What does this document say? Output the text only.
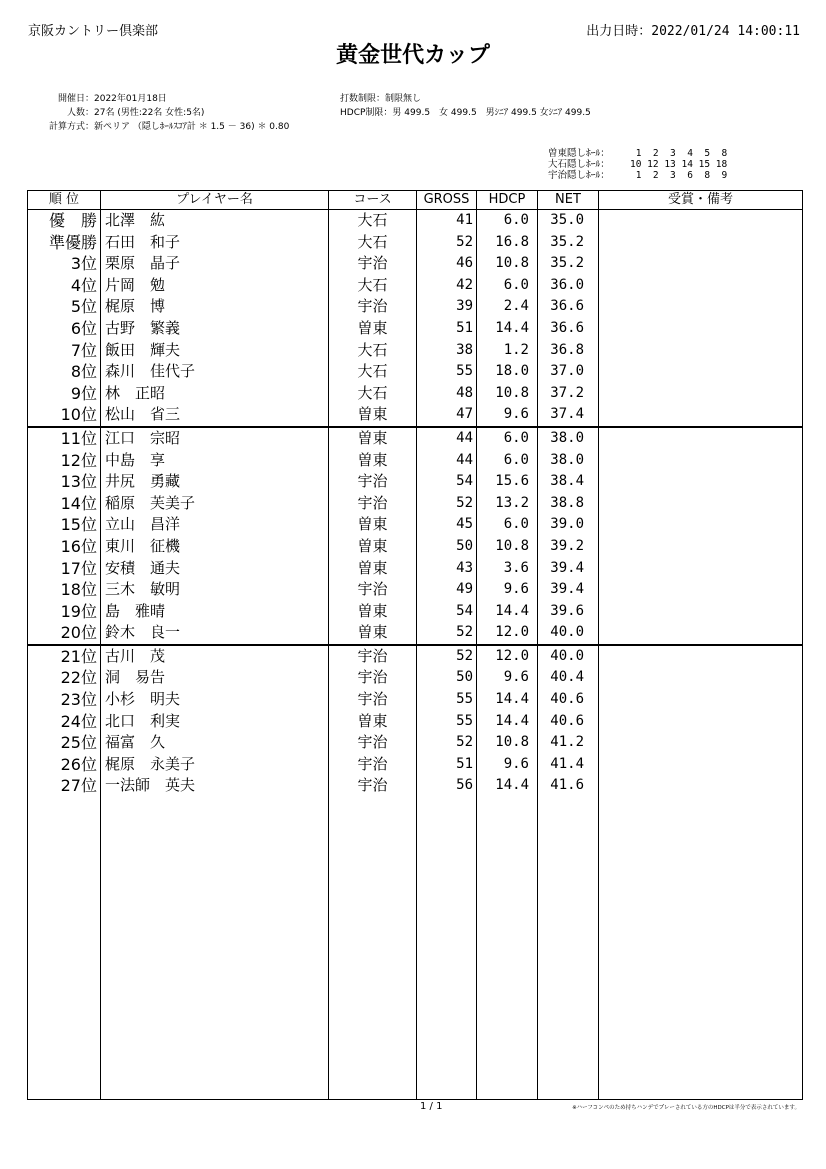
京阪カントリー倶楽部	出力日時：2022/01/24 14:00:11
黄金世代カップ
開催日：2022年01月18日
人数：27名 (男性:22名 女性:5名)
計算方式：新ペリア （隠しﾎｰﾙｽｺｱ計 ＊ 1.5 － 36) ＊ 0.80
打数制限：制限無し
HDCP制限：男 499.5　女 499.5　男ｼﾆｱ 499.5 女ｼﾆｱ 499.5
曽東隠しﾎｰﾙ： 1  2  3  4  5  8
大石隠しﾎｰﾙ： 10 12 13 14 15 18
宇治隠しﾎｰﾙ： 1  2  3  6  8  9
順 位	プレイヤー名	コース	GROSS	HDCP	NET	受賞・備考
優　勝	北澤　紘	大石	41	6.0	35.0	
準優勝	石田　和子	大石	52	16.8	35.2	
3位	栗原　晶子	宇治	46	10.8	35.2	
4位	片岡　勉	大石	42	6.0	36.0	
5位	梶原　博	宇治	39	2.4	36.6	
6位	古野　繁義	曽東	51	14.4	36.6	
7位	飯田　輝夫	大石	38	1.2	36.8	
8位	森川　佳代子	大石	55	18.0	37.0	
9位	林　正昭	大石	48	10.8	37.2	
10位	松山　省三	曽東	47	9.6	37.4	
11位	江口　宗昭	曽東	44	6.0	38.0	
12位	中島　享	曽東	44	6.0	38.0	
13位	井尻　勇藏	宇治	54	15.6	38.4	
14位	稲原　芙美子	宇治	52	13.2	38.8	
15位	立山　昌洋	曽東	45	6.0	39.0	
16位	東川　征機	曽東	50	10.8	39.2	
17位	安積　通夫	曽東	43	3.6	39.4	
18位	三木　敏明	宇治	49	9.6	39.4	
19位	島　雅晴	曽東	54	14.4	39.6	
20位	鈴木　良一	曽東	52	12.0	40.0	
21位	古川　茂	宇治	52	12.0	40.0	
22位	洞　易告	宇治	50	9.6	40.4	
23位	小杉　明夫	宇治	55	14.4	40.6	
24位	北口　利実	曽東	55	14.4	40.6	
25位	福富　久	宇治	52	10.8	41.2	
26位	梶原　永美子	宇治	51	9.6	41.4	
27位	一法師　英夫	宇治	56	14.4	41.6	

1 / 1	※ハーフコンペのため持ちハンデでプレーされている方のHDCPは半分で表示されています。
